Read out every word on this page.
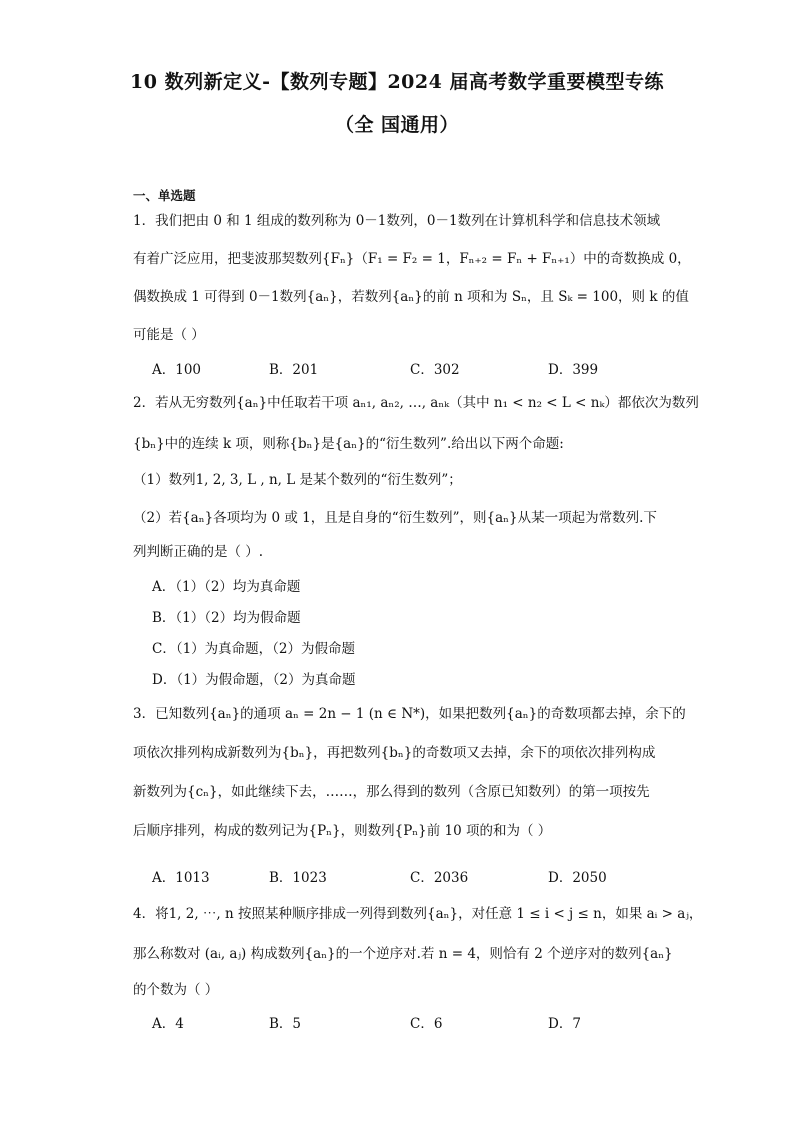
10 数列新定义-【数列专题】2024 届高考数学重要模型专练
（全 国通用）
一、单选题
1．我们把由 0 和 1 组成的数列称为 0－1数列，0－1数列在计算机科学和信息技术领域
有着广泛应用，把斐波那契数列{Fₙ}（F₁ = F₂ = 1，Fₙ₊₂ = Fₙ + Fₙ₊₁）中的奇数换成 0，
偶数换成 1 可得到 0－1数列{aₙ}，若数列{aₙ}的前 n 项和为 Sₙ，且 Sₖ = 100，则 k 的值
可能是（ ）
A．100	B．201	C．302	D．399
2．若从无穷数列{aₙ}中任取若干项 aₙ₁, aₙ₂, …, aₙₖ（其中 n₁ < n₂ < L < nₖ）都依次为数列
{bₙ}中的连续 k 项，则称{bₙ}是{aₙ}的“衍生数列”.给出以下两个命题:
（1）数列1, 2, 3, L , n, L 是某个数列的“衍生数列”；
（2）若{aₙ}各项均为 0 或 1，且是自身的“衍生数列”，则{aₙ}从某一项起为常数列.下
列判断正确的是（ ）.
A．（1）（2）均为真命题
B．（1）（2）均为假命题
C．（1）为真命题，（2）为假命题
D．（1）为假命题，（2）为真命题
3．已知数列{aₙ}的通项 aₙ = 2n − 1 (n ∈ N*)，如果把数列{aₙ}的奇数项都去掉，余下的
项依次排列构成新数列为{bₙ}，再把数列{bₙ}的奇数项又去掉，余下的项依次排列构成
新数列为{cₙ}，如此继续下去，……，那么得到的数列（含原已知数列）的第一项按先
后顺序排列，构成的数列记为{Pₙ}，则数列{Pₙ}前 10 项的和为（ ）
A．1013	B．1023	C．2036	D．2050
4．将1, 2, ⋯, n 按照某种顺序排成一列得到数列{aₙ}，对任意 1 ≤ i < j ≤ n，如果 aᵢ > aⱼ，
那么称数对 (aᵢ, aⱼ) 构成数列{aₙ}的一个逆序对.若 n = 4，则恰有 2 个逆序对的数列{aₙ}
的个数为（ ）
A．4	B．5	C．6	D．7
